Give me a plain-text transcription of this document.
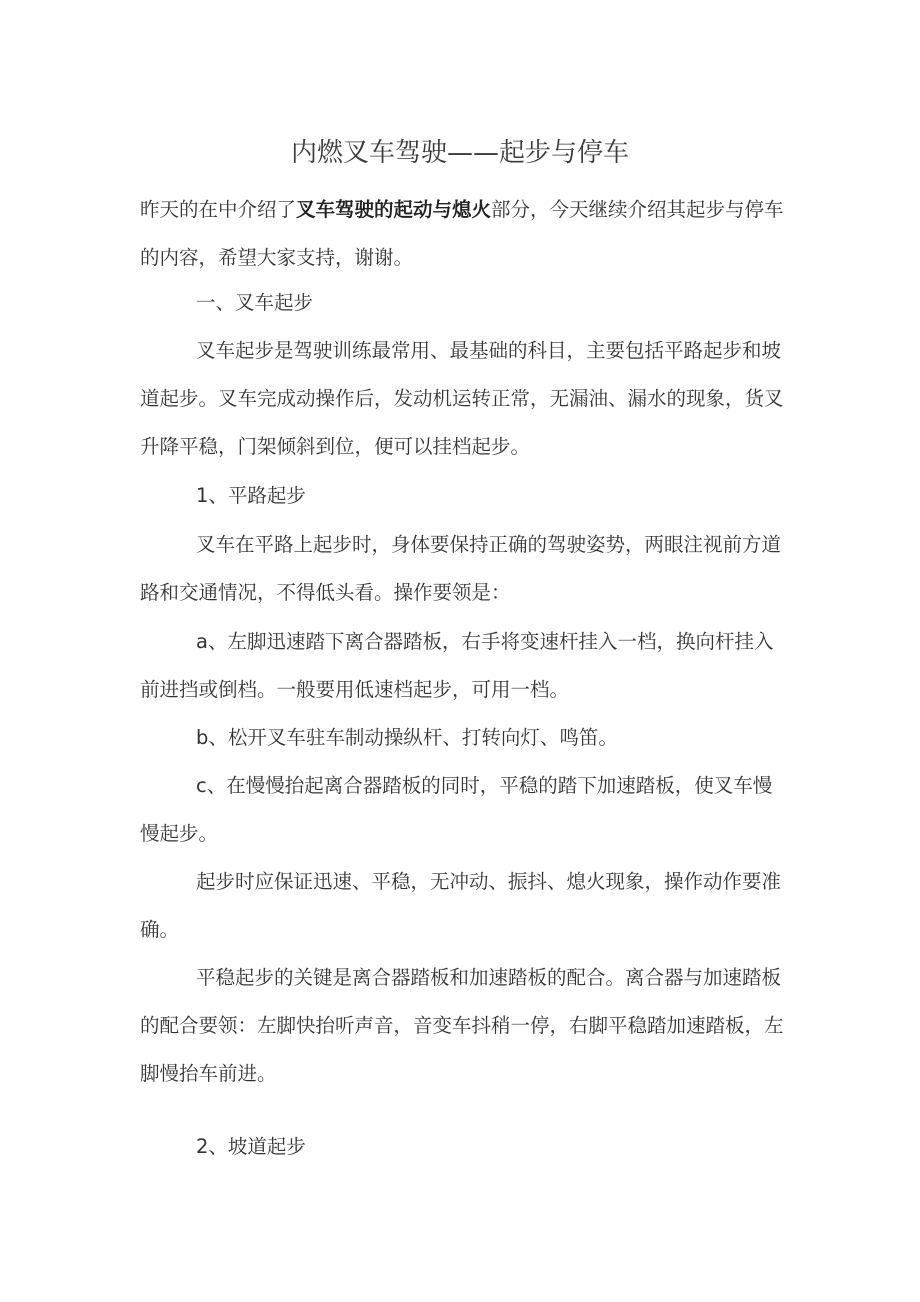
内燃叉车驾驶——起步与停车

昨天的在中介绍了叉车驾驶的起动与熄火部分，今天继续介绍其起步与停车的内容，希望大家支持，谢谢。

一、叉车起步

叉车起步是驾驶训练最常用、最基础的科目，主要包括平路起步和坡道起步。叉车完成动操作后，发动机运转正常，无漏油、漏水的现象，货叉升降平稳，门架倾斜到位，便可以挂档起步。

1、平路起步

叉车在平路上起步时，身体要保持正确的驾驶姿势，两眼注视前方道路和交通情况，不得低头看。操作要领是：

a、左脚迅速踏下离合器踏板，右手将变速杆挂入一档，换向杆挂入前进挡或倒档。一般要用低速档起步，可用一档。

b、松开叉车驻车制动操纵杆、打转向灯、鸣笛。

c、在慢慢抬起离合器踏板的同时，平稳的踏下加速踏板，使叉车慢慢起步。

起步时应保证迅速、平稳，无冲动、振抖、熄火现象，操作动作要准确。

平稳起步的关键是离合器踏板和加速踏板的配合。离合器与加速踏板的配合要领：左脚快抬听声音，音变车抖稍一停，右脚平稳踏加速踏板，左脚慢抬车前进。

2、坡道起步
